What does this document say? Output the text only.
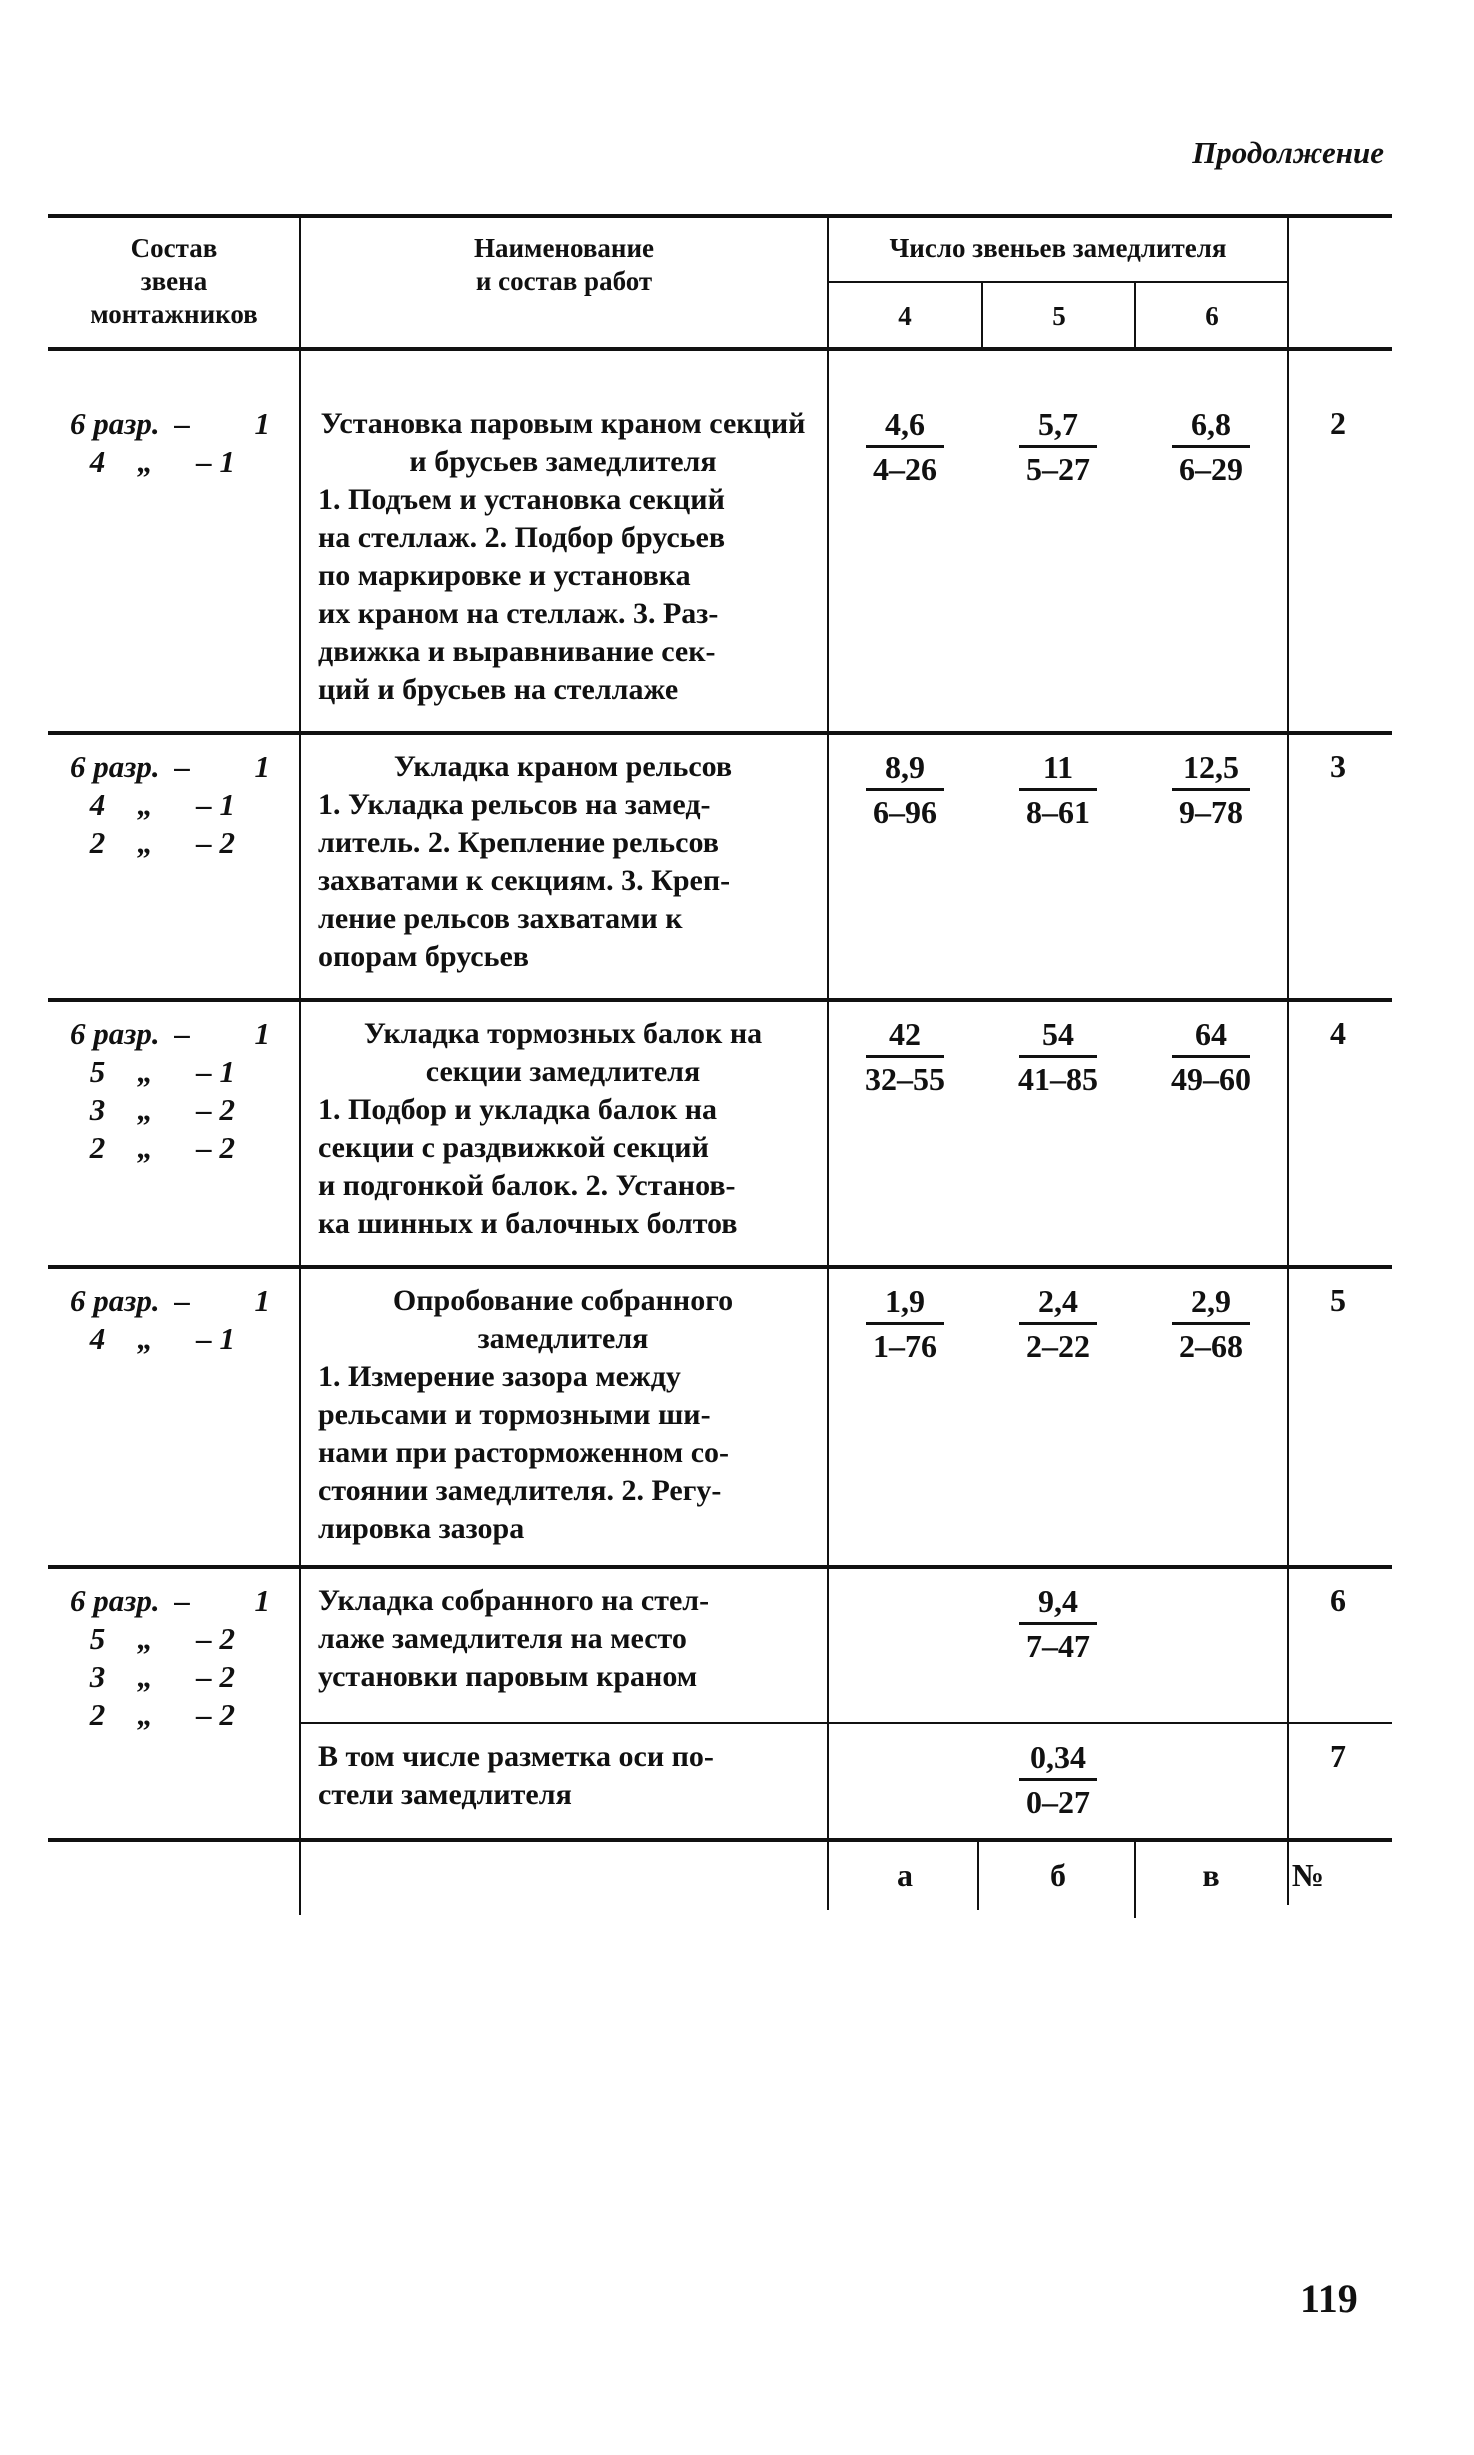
Продолжение
Состав
звена
монтажников
Наименование
и состав работ
Число звеньев замедлителя
4	5	6
6 разр. –	1
4	„	– 1
Установка паровым краном секций и брусьев замедлителя
1. Подъем и установка секций
на стеллаж. 2. Подбор брусьев
по маркировке и установка
их краном на стеллаж. 3. Раз-
движка и выравнивание сек-
ций и брусьев на стеллаже
$\frac{4,6}{4-26} \frac{5,7}{5-27} \frac{6,8}{6-29}$	2
6 разр. –	1
4	„	– 1
2	„	– 2
Укладка краном рельсов
1. Укладка рельсов на замед-
литель. 2. Крепление рельсов
захватами к секциям. 3. Креп-
ление рельсов захватами к
опорам брусьев
$\frac{8,9}{6-96} \frac{11}{8-61} \frac{12,5}{9-78}$	3
6 разр. –	1
5	„	– 1
3	„	– 2
2	„	– 2
Укладка тормозных балок на секции замедлителя
1. Подбор и укладка балок на
секции с раздвижкой секций
и подгонкой балок. 2. Установ-
ка шинных и балочных болтов
$\frac{42}{32-55} \frac{54}{41-85} \frac{64}{49-60}$	4
6 разр. –	1
4	„	– 1
Опробование собранного замедлителя
1. Измерение зазора между
рельсами и тормозными ши-
нами при расторможенном со-
стоянии замедлителя. 2. Регу-
лировка зазора
$\frac{1,9}{1-76} \frac{2,4}{2-22} \frac{2,9}{2-68}$	5
6 разр. –	1
5	„	– 2
3	„	– 2
2	„	– 2
Укладка собранного на стел-
лаже замедлителя на место
установки паровым краном
$\frac{9,4}{7-47}$	6
В том числе разметка оси по-
стели замедлителя	$\frac{0,34}{0-27}$	7
а	б	в	№
119
